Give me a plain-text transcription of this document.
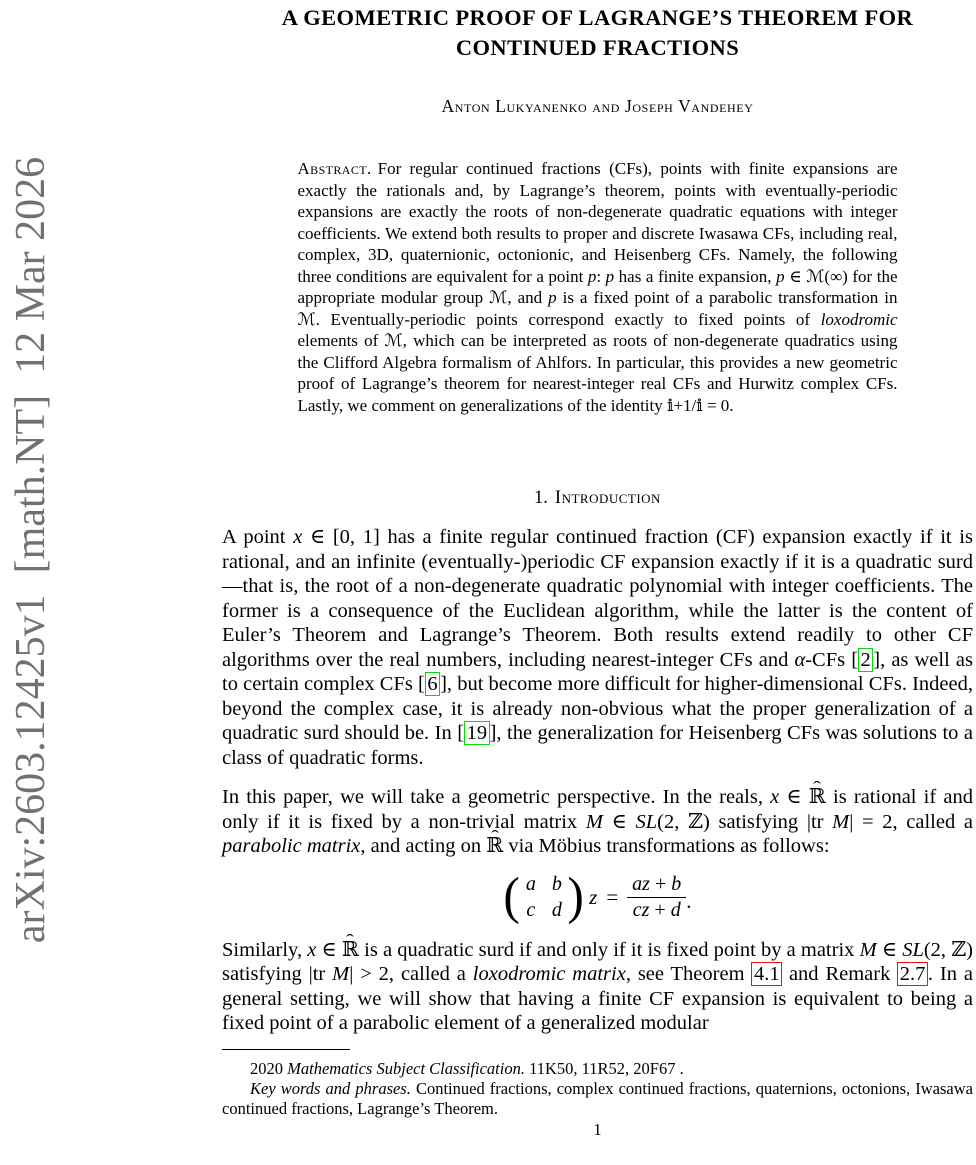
arXiv:2603.12425v1  [math.NT]  12 Mar 2026
A GEOMETRIC PROOF OF LAGRANGE’S THEOREM FOR
CONTINUED FRACTIONS
Anton Lukyanenko and Joseph Vandehey

Abstract. For regular continued fractions (CFs), points with finite expansions are exactly the rationals and, by Lagrange’s theorem, points with eventually-periodic expansions are exactly the roots of non-degenerate quadratic equations with integer coefficients. We extend both results to proper and discrete Iwasawa CFs, including real, complex, 3D, quaternionic, octonionic, and Heisenberg CFs. Namely, the following three conditions are equivalent for a point p: p has a finite expansion, p ∈ ℳ(∞) for the appropriate modular group ℳ, and p is a fixed point of a parabolic transformation in ℳ. Eventually-periodic points correspond exactly to fixed points of loxodromic elements of ℳ, which can be interpreted as roots of non-degenerate quadratics using the Clifford Algebra formalism of Ahlfors. In particular, this provides a new geometric proof of Lagrange’s theorem for nearest-integer real CFs and Hurwitz complex CFs. Lastly, we comment on generalizations of the identity 𝕚+1/𝕚 = 0.

1. Introduction

A point x ∈ [0, 1] has a finite regular continued fraction (CF) expansion exactly if it is rational, and an infinite (eventually-)periodic CF expansion exactly if it is a quadratic surd—that is, the root of a non-degenerate quadratic polynomial with integer coefficients. The former is a consequence of the Euclidean algorithm, while the latter is the content of Euler’s Theorem and Lagrange’s Theorem. Both results extend readily to other CF algorithms over the real numbers, including nearest-integer CFs and α-CFs [ 2 ], as well as to certain complex CFs [ 6 ], but become more difficult for higher-dimensional CFs. Indeed, beyond the complex case, it is already non-obvious what the proper generalization of a quadratic surd should be. In [ 19 ], the generalization for Heisenberg CFs was solutions to a class of quadratic forms.

In this paper, we will take a geometric perspective. In the reals, x ∈ ℝ ˆ is rational if and only if it is fixed by a non-trivial matrix M ∈ SL(2, ℤ) satisfying |tr M| = 2, called a parabolic matrix, and acting on ℝ ˆ via Möbius transformations as follows:

( a b
c d ) $z = \frac{az + b}{cz + d}$ .

Similarly, x ∈ ℝ ˆ is a quadratic surd if and only if it is fixed point by a matrix M ∈ SL(2, ℤ) satisfying |tr M| > 2, called a loxodromic matrix, see Theorem 4.1 and Remark 2.7 . In a general setting, we will show that having a finite CF expansion is equivalent to being a fixed point of a parabolic element of a generalized modular

2020 Mathematics Subject Classification. 11K50, 11R52, 20F67 .

Key words and phrases. Continued fractions, complex continued fractions, quaternions, octonions, Iwasawa continued fractions, Lagrange’s Theorem.

1
